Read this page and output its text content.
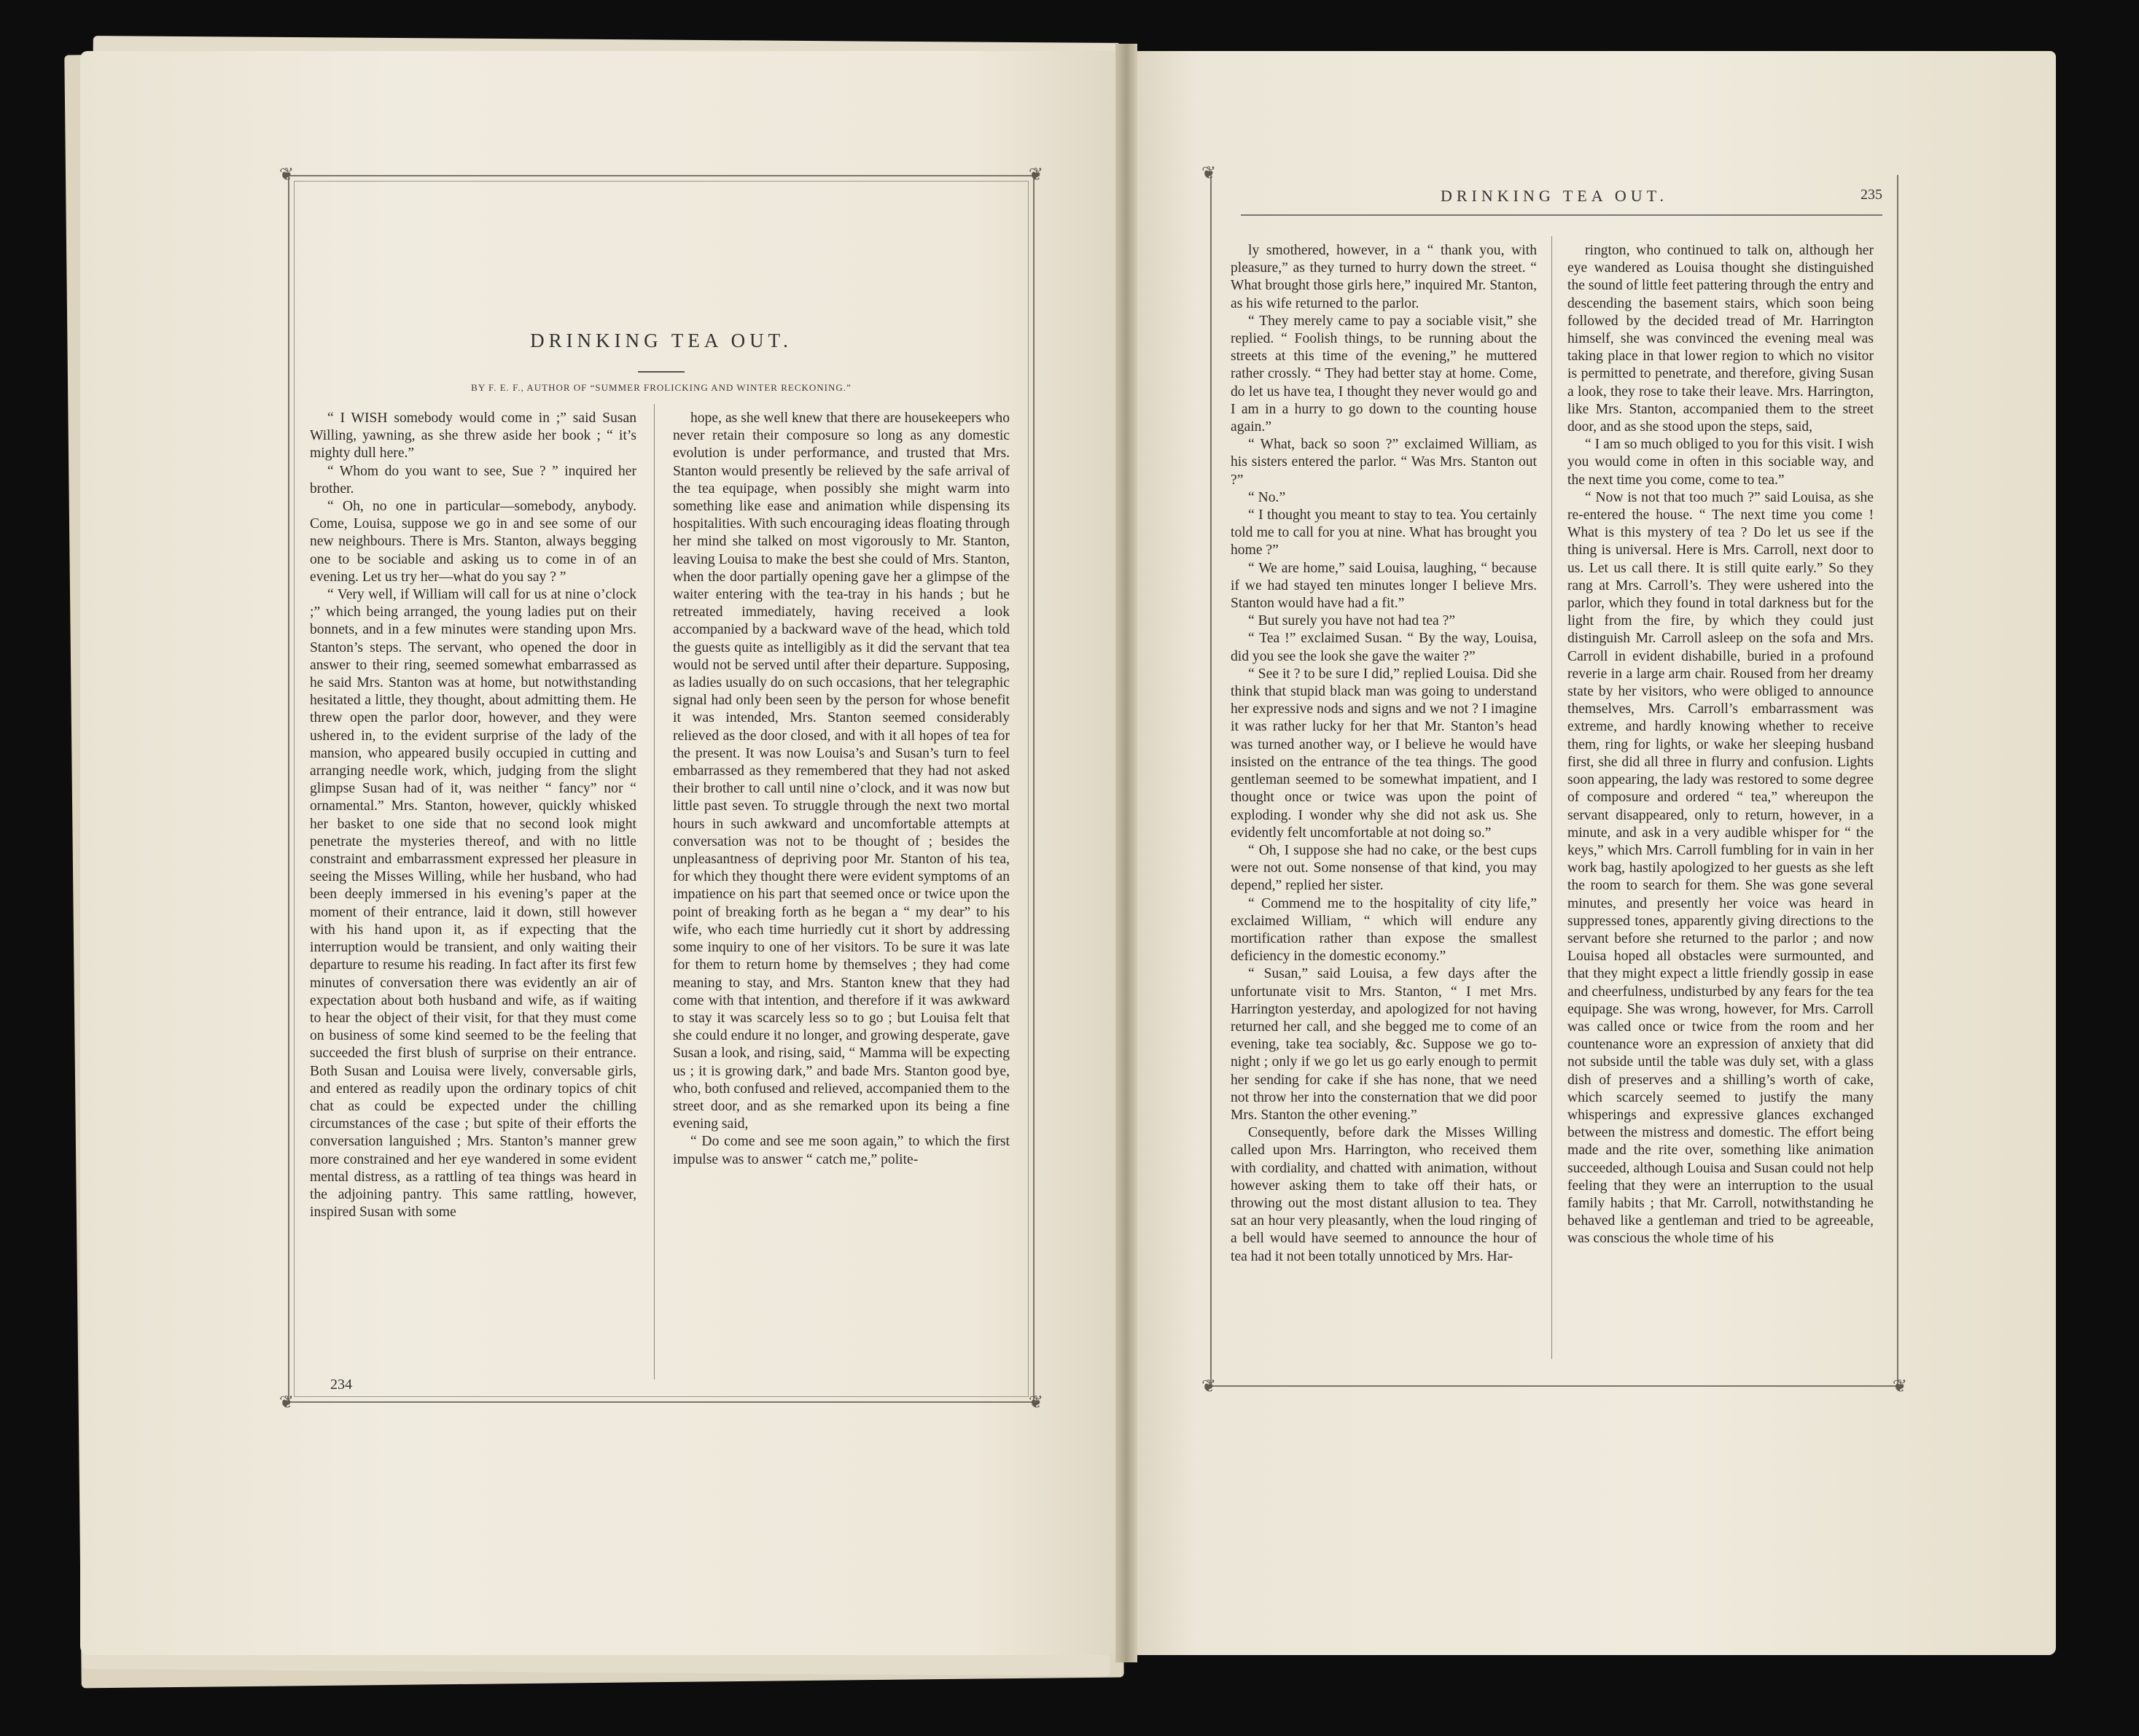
❦	❦
❦	❦
DRINKING TEA OUT.
BY F. E. F., AUTHOR OF “SUMMER FROLICKING AND WINTER RECKONING.”

“ I WISH somebody would come in ;” said Susan Willing, yawning, as she threw aside her book ; “ it’s mighty dull here.”

“ Whom do you want to see, Sue ? ” inquired her brother.

“ Oh, no one in particular—somebody, anybody. Come, Louisa, suppose we go in and see some of our new neighbours. There is Mrs. Stanton, always begging one to be sociable and asking us to come in of an evening. Let us try her—what do you say ? ”

“ Very well, if William will call for us at nine o’clock ;” which being arranged, the young ladies put on their bonnets, and in a few minutes were standing upon Mrs. Stanton’s steps. The servant, who opened the door in answer to their ring, seemed somewhat embarrassed as he said Mrs. Stanton was at home, but notwithstanding hesitated a little, they thought, about admitting them. He threw open the parlor door, however, and they were ushered in, to the evident surprise of the lady of the mansion, who appeared busily occupied in cutting and arranging needle work, which, judging from the slight glimpse Susan had of it, was neither “ fancy” nor “ ornamental.” Mrs. Stanton, however, quickly whisked her basket to one side that no second look might penetrate the mysteries thereof, and with no little constraint and embarrassment expressed her pleasure in seeing the Misses Willing, while her husband, who had been deeply immersed in his evening’s paper at the moment of their entrance, laid it down, still however with his hand upon it, as if expecting that the interruption would be transient, and only waiting their departure to resume his reading. In fact after its first few minutes of conversation there was evidently an air of expectation about both husband and wife, as if waiting to hear the object of their visit, for that they must come on business of some kind seemed to be the feeling that succeeded the first blush of surprise on their entrance. Both Susan and Louisa were lively, conversable girls, and entered as readily upon the ordinary topics of chit chat as could be expected under the chilling circumstances of the case ; but spite of their efforts the conversation languished ; Mrs. Stanton’s manner grew more constrained and her eye wandered in some evident mental distress, as a rattling of tea things was heard in the adjoining pantry. This same rattling, however, inspired Susan with some

hope, as she well knew that there are housekeepers who never retain their composure so long as any domestic evolution is under performance, and trusted that Mrs. Stanton would presently be relieved by the safe arrival of the tea equipage, when possibly she might warm into something like ease and animation while dispensing its hospitalities. With such encouraging ideas floating through her mind she talked on most vigorously to Mr. Stanton, leaving Louisa to make the best she could of Mrs. Stanton, when the door partially opening gave her a glimpse of the waiter entering with the tea-tray in his hands ; but he retreated immediately, having received a look accompanied by a backward wave of the head, which told the guests quite as intelligibly as it did the servant that tea would not be served until after their departure. Supposing, as ladies usually do on such occasions, that her telegraphic signal had only been seen by the person for whose benefit it was intended, Mrs. Stanton seemed considerably relieved as the door closed, and with it all hopes of tea for the present. It was now Louisa’s and Susan’s turn to feel embarrassed as they remembered that they had not asked their brother to call until nine o’clock, and it was now but little past seven. To struggle through the next two mortal hours in such awkward and uncomfortable attempts at conversation was not to be thought of ; besides the unpleasantness of depriving poor Mr. Stanton of his tea, for which they thought there were evident symptoms of an impatience on his part that seemed once or twice upon the point of breaking forth as he began a “ my dear” to his wife, who each time hurriedly cut it short by addressing some inquiry to one of her visitors. To be sure it was late for them to return home by themselves ; they had come meaning to stay, and Mrs. Stanton knew that they had come with that intention, and therefore if it was awkward to stay it was scarcely less so to go ; but Louisa felt that she could endure it no longer, and growing desperate, gave Susan a look, and rising, said, “ Mamma will be expecting us ; it is growing dark,” and bade Mrs. Stanton good bye, who, both confused and relieved, accompanied them to the street door, and as she remarked upon its being a fine evening said,

“ Do come and see me soon again,” to which the first impulse was to answer “ catch me,” polite-

234
❦
❦	❦
DRINKING TEA OUT.	235

ly smothered, however, in a “ thank you, with pleasure,” as they turned to hurry down the street. “ What brought those girls here,” inquired Mr. Stanton, as his wife returned to the parlor.

“ They merely came to pay a sociable visit,” she replied. “ Foolish things, to be running about the streets at this time of the evening,” he muttered rather crossly. “ They had better stay at home. Come, do let us have tea, I thought they never would go and I am in a hurry to go down to the counting house again.”

“ What, back so soon ?” exclaimed William, as his sisters entered the parlor. “ Was Mrs. Stanton out ?”

“ No.”

“ I thought you meant to stay to tea. You certainly told me to call for you at nine. What has brought you home ?”

“ We are home,” said Louisa, laughing, “ because if we had stayed ten minutes longer I believe Mrs. Stanton would have had a fit.”

“ But surely you have not had tea ?”

“ Tea !” exclaimed Susan. “ By the way, Louisa, did you see the look she gave the waiter ?”

“ See it ? to be sure I did,” replied Louisa. Did she think that stupid black man was going to understand her expressive nods and signs and we not ? I imagine it was rather lucky for her that Mr. Stanton’s head was turned another way, or I believe he would have insisted on the entrance of the tea things. The good gentleman seemed to be somewhat impatient, and I thought once or twice was upon the point of exploding. I wonder why she did not ask us. She evidently felt uncomfortable at not doing so.”

“ Oh, I suppose she had no cake, or the best cups were not out. Some nonsense of that kind, you may depend,” replied her sister.

“ Commend me to the hospitality of city life,” exclaimed William, “ which will endure any mortification rather than expose the smallest deficiency in the domestic economy.”

“ Susan,” said Louisa, a few days after the unfortunate visit to Mrs. Stanton, “ I met Mrs. Harrington yesterday, and apologized for not having returned her call, and she begged me to come of an evening, take tea sociably, &c. Suppose we go to-night ; only if we go let us go early enough to permit her sending for cake if she has none, that we need not throw her into the consternation that we did poor Mrs. Stanton the other evening.”

Consequently, before dark the Misses Willing called upon Mrs. Harrington, who received them with cordiality, and chatted with animation, without however asking them to take off their hats, or throwing out the most distant allusion to tea. They sat an hour very pleasantly, when the loud ringing of a bell would have seemed to announce the hour of tea had it not been totally unnoticed by Mrs. Har-

rington, who continued to talk on, although her eye wandered as Louisa thought she distinguished the sound of little feet pattering through the entry and descending the basement stairs, which soon being followed by the decided tread of Mr. Harrington himself, she was convinced the evening meal was taking place in that lower region to which no visitor is permitted to penetrate, and therefore, giving Susan a look, they rose to take their leave. Mrs. Harrington, like Mrs. Stanton, accompanied them to the street door, and as she stood upon the steps, said,

“ I am so much obliged to you for this visit. I wish you would come in often in this sociable way, and the next time you come, come to tea.”

“ Now is not that too much ?” said Louisa, as she re-entered the house. “ The next time you come ! What is this mystery of tea ? Do let us see if the thing is universal. Here is Mrs. Carroll, next door to us. Let us call there. It is still quite early.” So they rang at Mrs. Carroll’s. They were ushered into the parlor, which they found in total darkness but for the light from the fire, by which they could just distinguish Mr. Carroll asleep on the sofa and Mrs. Carroll in evident dishabille, buried in a profound reverie in a large arm chair. Roused from her dreamy state by her visitors, who were obliged to announce themselves, Mrs. Carroll’s embarrassment was extreme, and hardly knowing whether to receive them, ring for lights, or wake her sleeping husband first, she did all three in flurry and confusion. Lights soon appearing, the lady was restored to some degree of composure and ordered “ tea,” whereupon the servant disappeared, only to return, however, in a minute, and ask in a very audible whisper for “ the keys,” which Mrs. Carroll fumbling for in vain in her work bag, hastily apologized to her guests as she left the room to search for them. She was gone several minutes, and presently her voice was heard in suppressed tones, apparently giving directions to the servant before she returned to the parlor ; and now Louisa hoped all obstacles were surmounted, and that they might expect a little friendly gossip in ease and cheerfulness, undisturbed by any fears for the tea equipage. She was wrong, however, for Mrs. Carroll was called once or twice from the room and her countenance wore an expression of anxiety that did not subside until the table was duly set, with a glass dish of preserves and a shilling’s worth of cake, which scarcely seemed to justify the many whisperings and expressive glances exchanged between the mistress and domestic. The effort being made and the rite over, something like animation succeeded, although Louisa and Susan could not help feeling that they were an interruption to the usual family habits ; that Mr. Carroll, notwithstanding he behaved like a gentleman and tried to be agreeable, was conscious the whole time of his
